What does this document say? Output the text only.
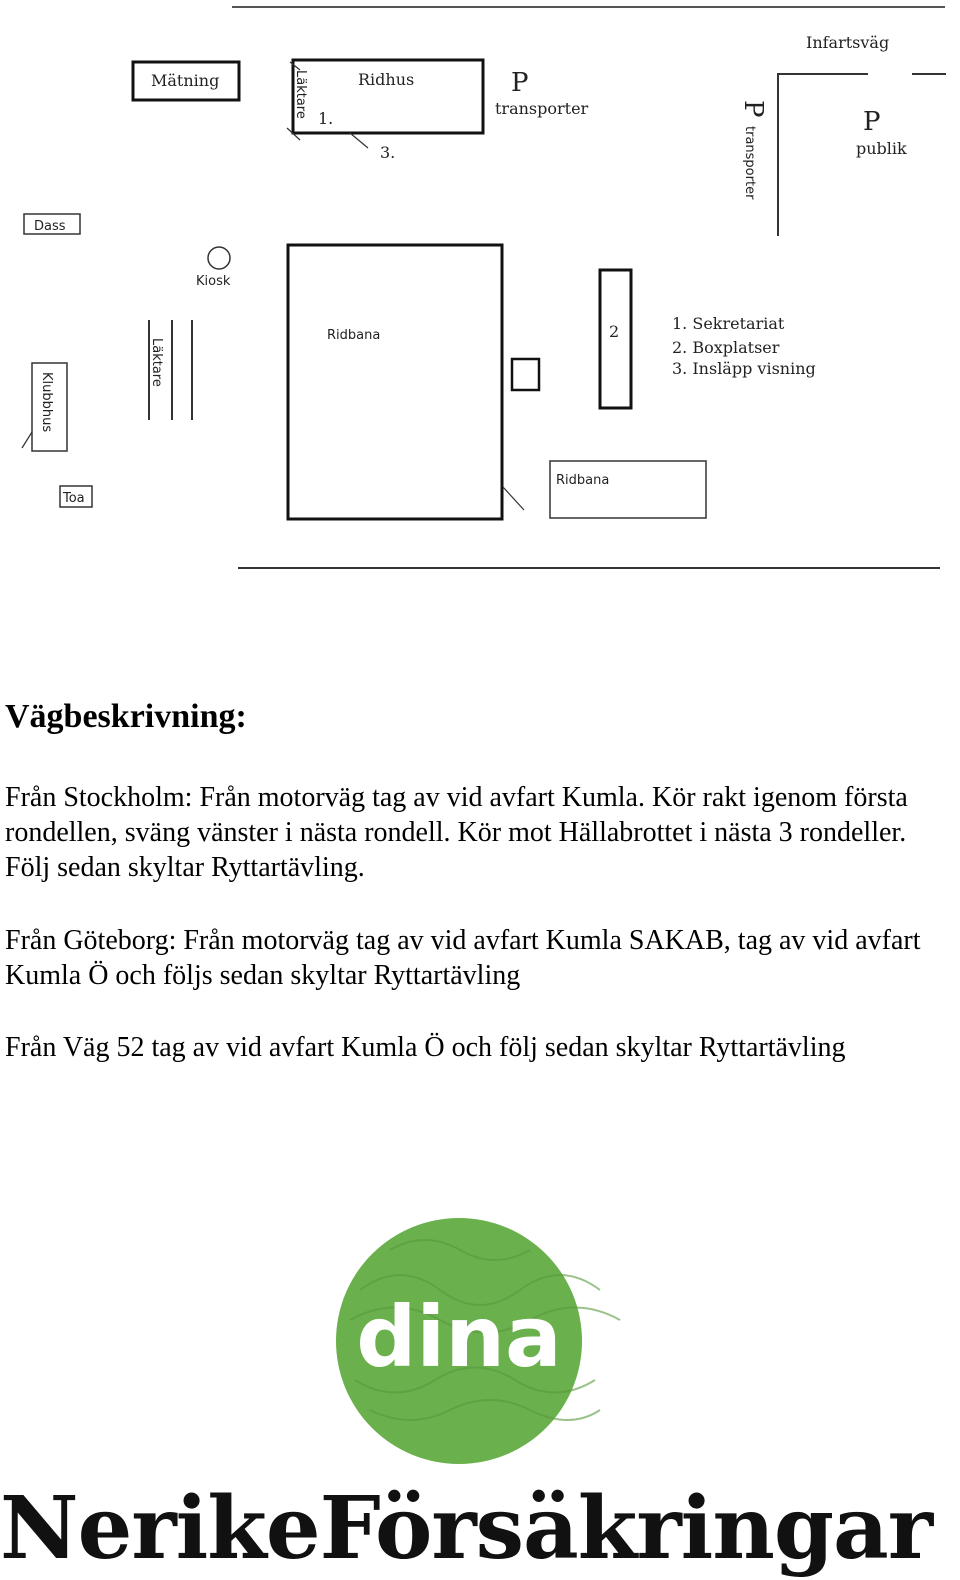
Mätning	Ridhus
Läktare 1.
3.
P
transporter
Infartsväg
P
transporter
P
publik
Dass
Kiosk
Läktare
Ridbana	2	1. Sekretariat
2. Boxplatser
3. Insläpp visning
Klubbhus
Toa
Ridbana
Vägbeskrivning:

Från Stockholm: Från motorväg tag av vid avfart Kumla. Kör rakt igenom första rondellen, sväng vänster i nästa rondell. Kör mot Hällabrottet i nästa 3 rondeller. Följ sedan skyltar Ryttartävling.

Från Göteborg: Från motorväg tag av vid avfart Kumla SAKAB, tag av vid avfart Kumla Ö och följs sedan skyltar Ryttartävling

Från Väg 52 tag av vid avfart Kumla Ö och följ sedan skyltar Ryttartävling

dina
NerikeFörsäkringar
